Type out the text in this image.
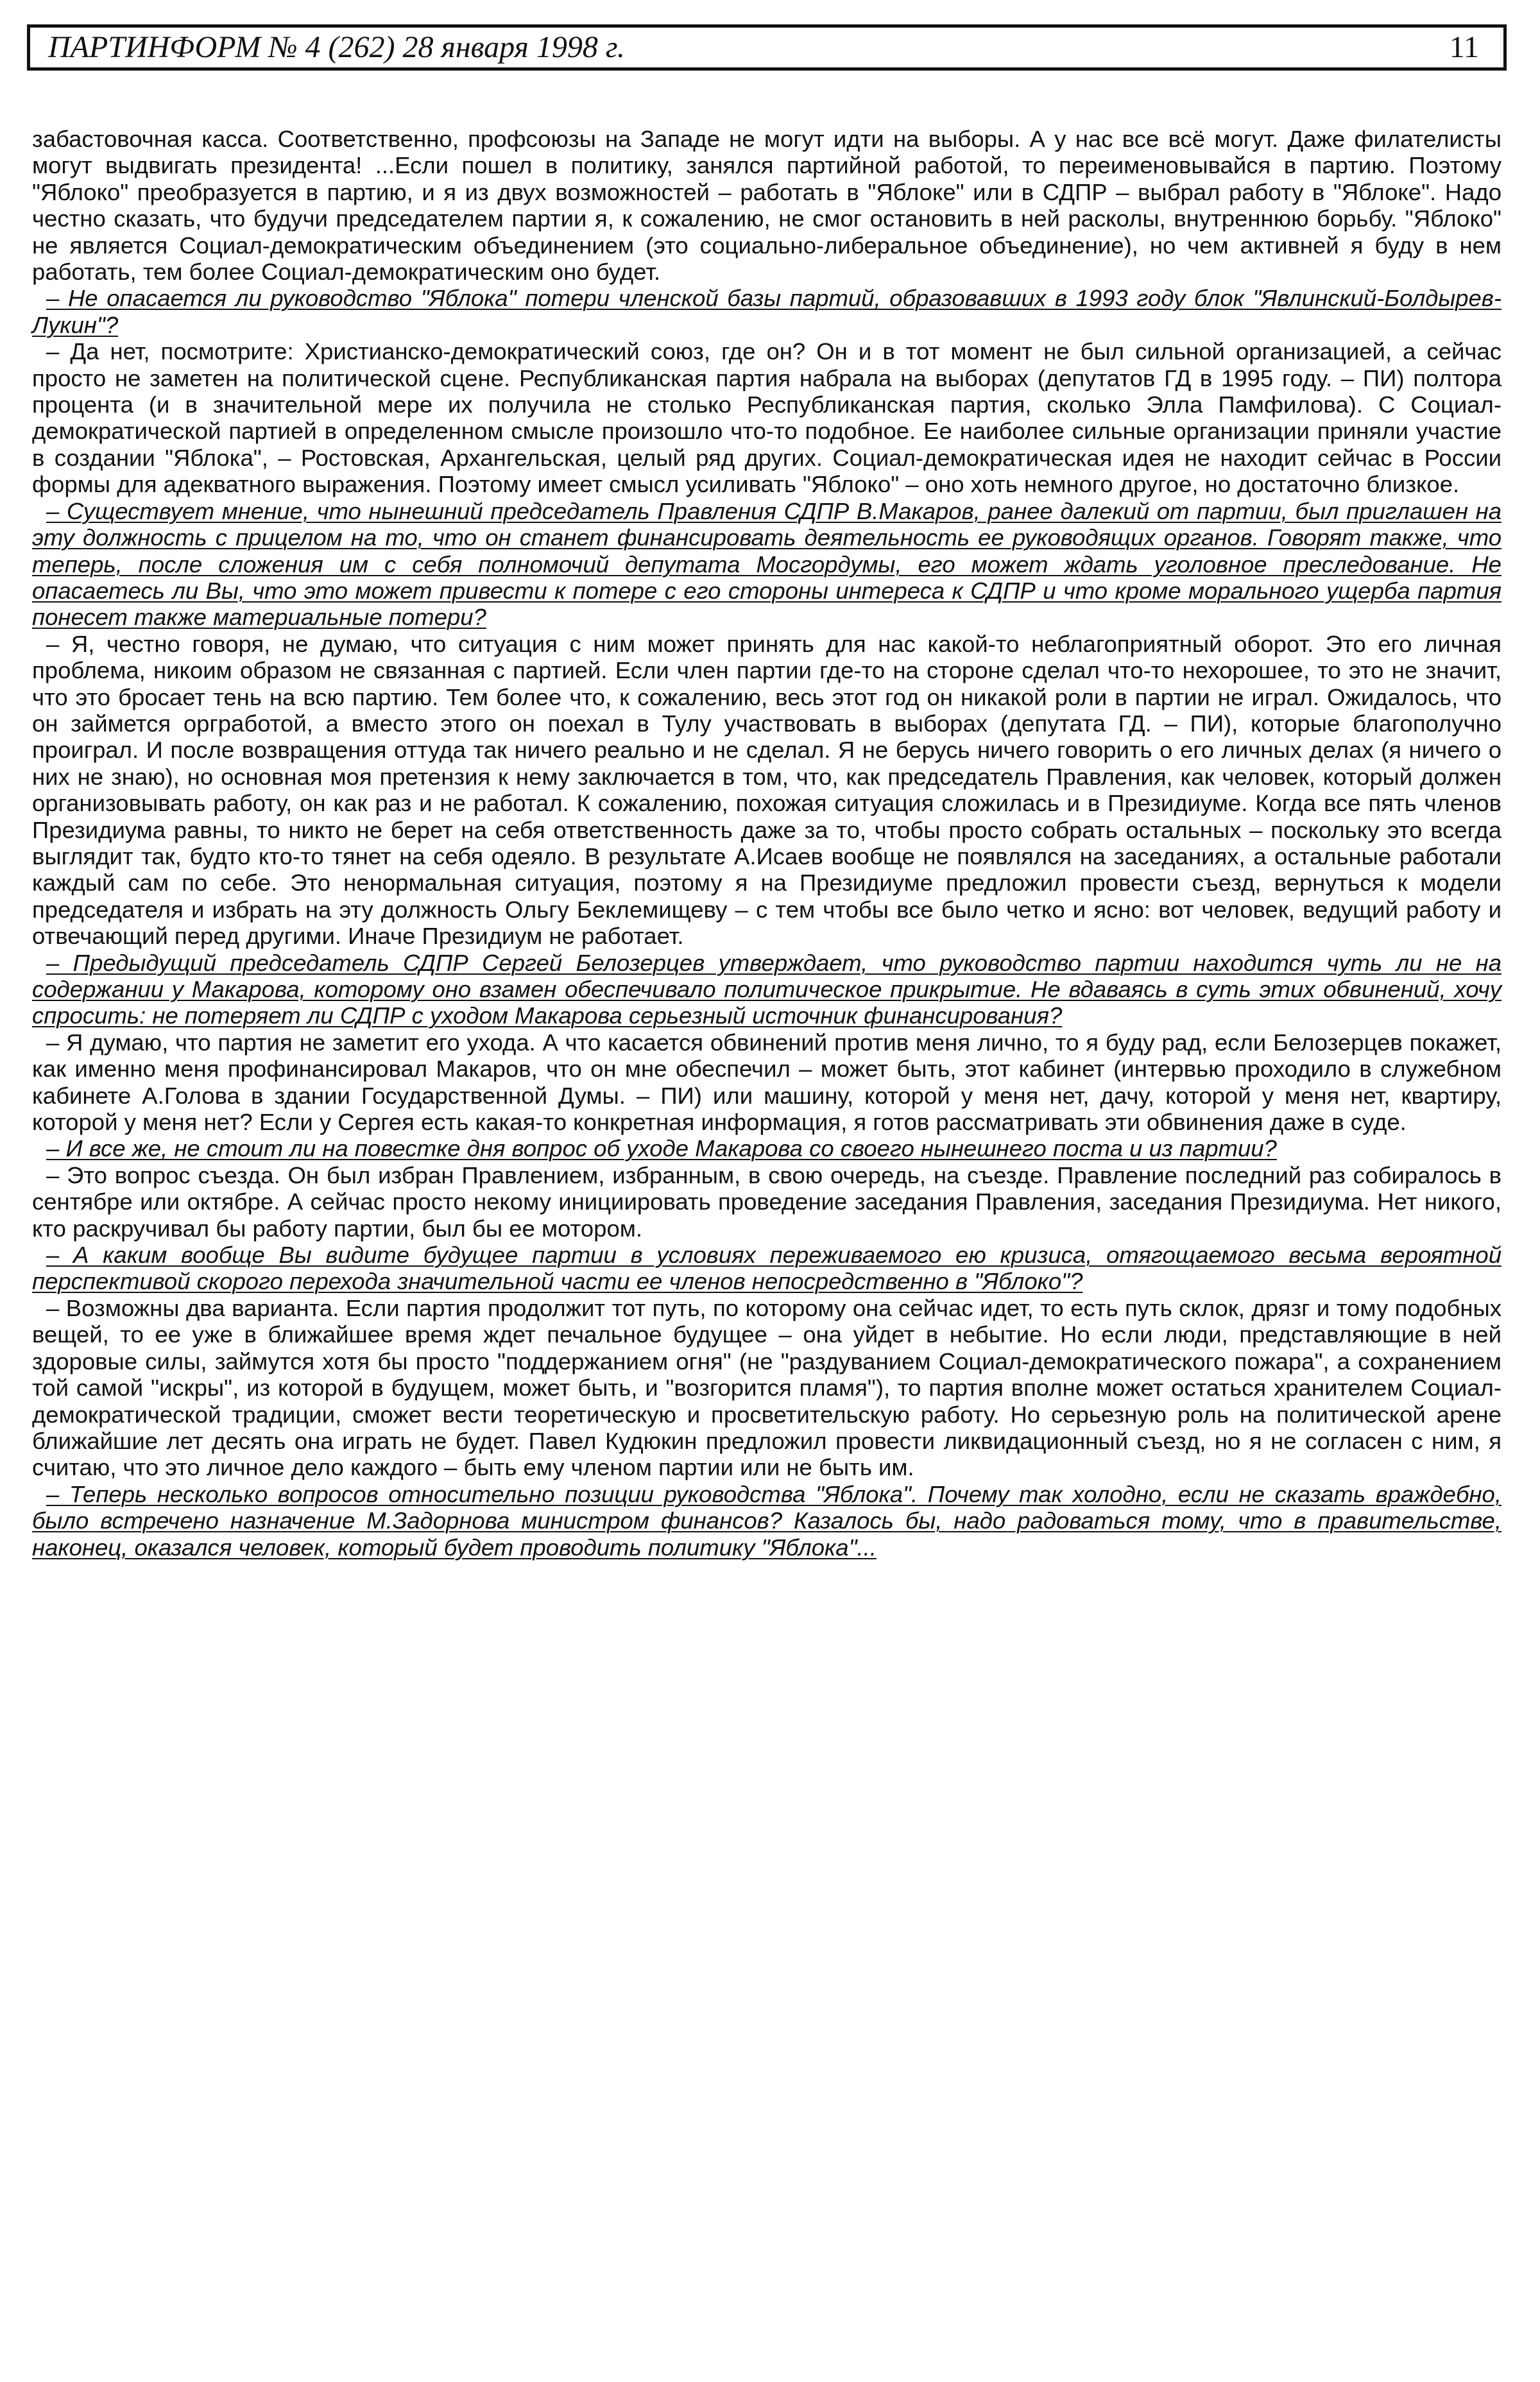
ПАРТИНФОРМ № 4 (262) 28 января 1998 г.	11

забастовочная касса. Соответственно, профсоюзы на Западе не могут идти на выборы. А у нас все всё могут. Даже филателисты могут выдвигать президента! ...Если пошел в политику, занялся партийной работой, то переименовывайся в партию. Поэтому "Яблоко" преобразуется в партию, и я из двух возможностей – работать в "Яблоке" или в СДПР – выбрал работу в "Яблоке". Надо честно сказать, что будучи председателем партии я, к сожалению, не смог остановить в ней расколы, внутреннюю борьбу. "Яблоко" не является Социал-демократическим объединением (это социально-либеральное объединение), но чем активней я буду в нем работать, тем более Социал-демократическим оно будет.

– Не опасается ли руководство "Яблока" потери членской базы партий, образовавших в 1993 году блок "Явлинский-Болдырев-Лукин"?

– Да нет, посмотрите: Христианско-демократический союз, где он? Он и в тот момент не был сильной организацией, а сейчас просто не заметен на политической сцене. Республиканская партия набрала на выборах (депутатов ГД в 1995 году. – ПИ) полтора процента (и в значительной мере их получила не столько Республиканская партия, сколько Элла Памфилова). С Социал-демократической партией в определенном смысле произошло что-то подобное. Ее наиболее сильные организации приняли участие в создании "Яблока", – Ростовская, Архангельская, целый ряд других. Социал-демократическая идея не находит сейчас в России формы для адекватного выражения. Поэтому имеет смысл усиливать "Яблоко" – оно хоть немного другое, но достаточно близкое.

– Существует мнение, что нынешний председатель Правления СДПР В.Макаров, ранее далекий от партии, был приглашен на эту должность с прицелом на то, что он станет финансировать деятельность ее руководящих органов. Говорят также, что теперь, после сложения им с себя полномочий депутата Мосгордумы, его может ждать уголовное преследование. Не опасаетесь ли Вы, что это может привести к потере с его стороны интереса к СДПР и что кроме морального ущерба партия понесет также материальные потери?

– Я, честно говоря, не думаю, что ситуация с ним может принять для нас какой-то неблагоприятный оборот. Это его личная проблема, никоим образом не связанная с партией. Если член партии где-то на стороне сделал что-то нехорошее, то это не значит, что это бросает тень на всю партию. Тем более что, к сожалению, весь этот год он никакой роли в партии не играл. Ожидалось, что он займется оргработой, а вместо этого он поехал в Тулу участвовать в выборах (депутата ГД. – ПИ), которые благополучно проиграл. И после возвращения оттуда так ничего реально и не сделал. Я не берусь ничего говорить о его личных делах (я ничего о них не знаю), но основная моя претензия к нему заключается в том, что, как председатель Правления, как человек, который должен организовывать работу, он как раз и не работал. К сожалению, похожая ситуация сложилась и в Президиуме. Когда все пять членов Президиума равны, то никто не берет на себя ответственность даже за то, чтобы просто собрать остальных – поскольку это всегда выглядит так, будто кто-то тянет на себя одеяло. В результате А.Исаев вообще не появлялся на заседаниях, а остальные работали каждый сам по себе. Это ненормальная ситуация, поэтому я на Президиуме предложил провести съезд, вернуться к модели председателя и избрать на эту должность Ольгу Беклемищеву – с тем чтобы все было четко и ясно: вот человек, ведущий работу и отвечающий перед другими. Иначе Президиум не работает.

– Предыдущий председатель СДПР Сергей Белозерцев утверждает, что руководство партии находится чуть ли не на содержании у Макарова, которому оно взамен обеспечивало политическое прикрытие. Не вдаваясь в суть этих обвинений, хочу спросить: не потеряет ли СДПР с уходом Макарова серьезный источник финансирования?

– Я думаю, что партия не заметит его ухода. А что касается обвинений против меня лично, то я буду рад, если Белозерцев покажет, как именно меня профинансировал Макаров, что он мне обеспечил – может быть, этот кабинет (интервью проходило в служебном кабинете А.Голова в здании Государственной Думы. – ПИ) или машину, которой у меня нет, дачу, которой у меня нет, квартиру, которой у меня нет? Если у Сергея есть какая-то конкретная информация, я готов рассматривать эти обвинения даже в суде.

– И все же, не стоит ли на повестке дня вопрос об уходе Макарова со своего нынешнего поста и из партии?

– Это вопрос съезда. Он был избран Правлением, избранным, в свою очередь, на съезде. Правление последний раз собиралось в сентябре или октябре. А сейчас просто некому инициировать проведение заседания Правления, заседания Президиума. Нет никого, кто раскручивал бы работу партии, был бы ее мотором.

– А каким вообще Вы видите будущее партии в условиях переживаемого ею кризиса, отягощаемого весьма вероятной перспективой скорого перехода значительной части ее членов непосредственно в "Яблоко"?

– Возможны два варианта. Если партия продолжит тот путь, по которому она сейчас идет, то есть путь склок, дрязг и тому подобных вещей, то ее уже в ближайшее время ждет печальное будущее – она уйдет в небытие. Но если люди, представляющие в ней здоровые силы, займутся хотя бы просто "поддержанием огня" (не "раздуванием Социал-демократического пожара", а сохранением той самой "искры", из которой в будущем, может быть, и "возгорится пламя"), то партия вполне может остаться хранителем Социал-демократической традиции, сможет вести теоретическую и просветительскую работу. Но серьезную роль на политической арене ближайшие лет десять она играть не будет. Павел Кудюкин предложил провести ликвидационный съезд, но я не согласен с ним, я считаю, что это личное дело каждого – быть ему членом партии или не быть им.

– Теперь несколько вопросов относительно позиции руководства "Яблока". Почему так холодно, если не сказать враждебно, было встречено назначение М.Задорнова министром финансов? Казалось бы, надо радоваться тому, что в правительстве, наконец, оказался человек, который будет проводить политику "Яблока"...
